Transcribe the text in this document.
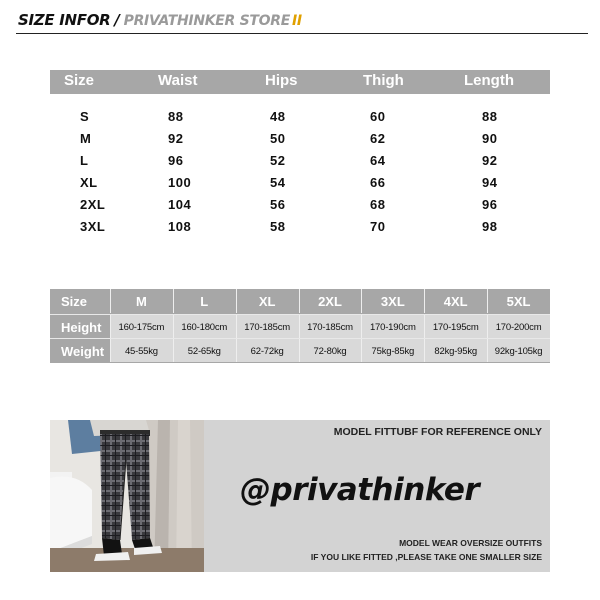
SIZE INFOR / PRIVATHINKER STORE II
Size	Waist	Hips	Thigh	Length
S	88	48	60	88
M	92	50	62	90
L	96	52	64	92
XL	100	54	66	94
2XL	104	56	68	96
3XL	108	58	70	98
Size	M	L	XL	2XL	3XL	4XL	5XL
Height	160-175cm	160-180cm	170-185cm	170-185cm	170-190cm	170-195cm	170-200cm
Weight	45-55kg	52-65kg	62-72kg	72-80kg	75kg-85kg	82kg-95kg	92kg-105kg
MODEL FITTUBF FOR REFERENCE ONLY
@privathinker
MODEL WEAR OVERSIZE OUTFITS
IF YOU LIKE FITTED ,PLEASE TAKE ONE SMALLER SIZE
